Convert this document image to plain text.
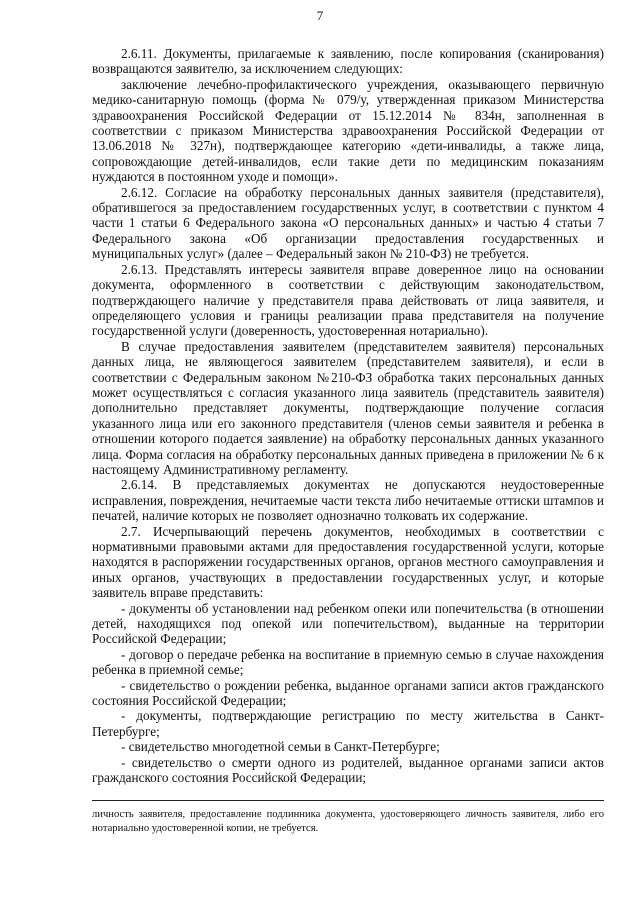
7

2.6.11. Документы, прилагаемые к заявлению, после копирования (сканирования) возвращаются заявителю, за исключением следующих:

заключение лечебно-профилактического учреждения, оказывающего первичную медико-санитарную помощь (форма № 079/у, утвержденная приказом Министерства здравоохранения Российской Федерации от 15.12.2014 № 834н, заполненная в соответствии с приказом Министерства здравоохранения Российской Федерации от 13.06.2018 № 327н), подтверждающее категорию «дети-инвалиды, а также лица, сопровождающие детей-инвалидов, если такие дети по медицинским показаниям нуждаются в постоянном уходе и помощи».

2.6.12. Согласие на обработку персональных данных заявителя (представителя), обратившегося за предоставлением государственных услуг, в соответствии с пунктом 4 части 1 статьи 6 Федерального закона «О персональных данных» и частью 4 статьи 7 Федерального закона «Об организации предоставления государственных и муниципальных услуг» (далее – Федеральный закон № 210-ФЗ) не требуется.

2.6.13. Представлять интересы заявителя вправе доверенное лицо на основании документа, оформленного в соответствии с действующим законодательством, подтверждающего наличие у представителя права действовать от лица заявителя, и определяющего условия и границы реализации права представителя на получение государственной услуги (доверенность, удостоверенная нотариально).

В случае предоставления заявителем (представителем заявителя) персональных данных лица, не являющегося заявителем (представителем заявителя), и если в соответствии с Федеральным законом №210-ФЗ обработка таких персональных данных может осуществляться с согласия указанного лица заявитель (представитель заявителя) дополнительно представляет документы, подтверждающие получение согласия указанного лица или его законного представителя (членов семьи заявителя и ребенка в отношении которого подается заявление) на обработку персональных данных указанного лица. Форма согласия на обработку персональных данных приведена в приложении № 6 к настоящему Административному регламенту.

2.6.14. В представляемых документах не допускаются неудостоверенные исправления, повреждения, нечитаемые части текста либо нечитаемые оттиски штампов и печатей, наличие которых не позволяет однозначно толковать их содержание.

2.7. Исчерпывающий перечень документов, необходимых в соответствии с нормативными правовыми актами для предоставления государственной услуги, которые находятся в распоряжении государственных органов, органов местного самоуправления и иных органов, участвующих в предоставлении государственных услуг, и которые заявитель вправе представить:

- документы об установлении над ребенком опеки или попечительства (в отношении детей, находящихся под опекой или попечительством), выданные на территории Российской Федерации;

- договор о передаче ребенка на воспитание в приемную семью в случае нахождения ребенка в приемной семье;

- свидетельство о рождении ребенка, выданное органами записи актов гражданского состояния Российской Федерации;

- документы, подтверждающие регистрацию по месту жительства в Санкт-Петербурге;

- свидетельство многодетной семьи в Санкт-Петербурге;

- свидетельство о смерти одного из родителей, выданное органами записи актов гражданского состояния Российской Федерации;

личность заявителя, предоставление подлинника документа, удостоверяющего личность заявителя, либо его нотариально удостоверенной копии, не требуется.
